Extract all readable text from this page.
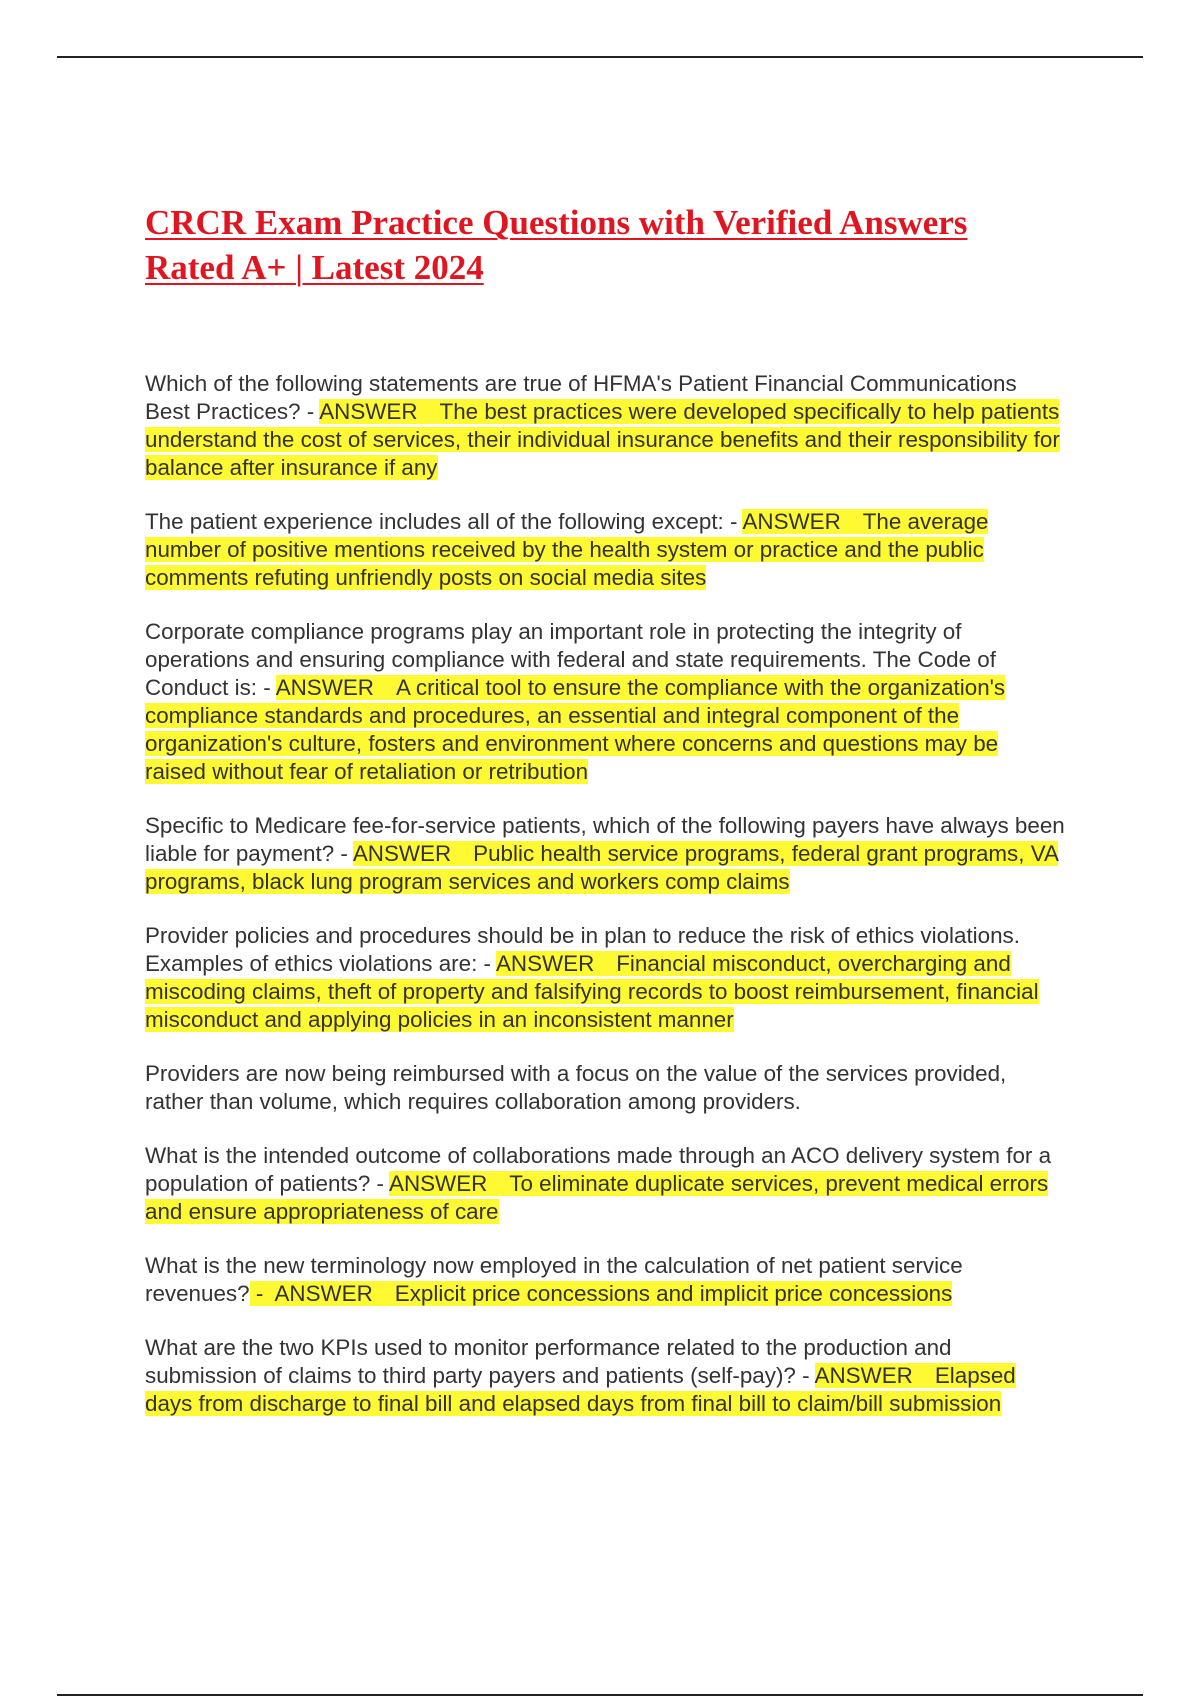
CRCR Exam Practice Questions with Verified Answers Rated A+ | Latest 2024
Which of the following statements are true of HFMA's Patient Financial Communications Best Practices? - ANSWER The best practices were developed specifically to help patients understand the cost of services, their individual insurance benefits and their responsibility for balance after insurance if any
The patient experience includes all of the following except: - ANSWER The average number of positive mentions received by the health system or practice and the public comments refuting unfriendly posts on social media sites
Corporate compliance programs play an important role in protecting the integrity of operations and ensuring compliance with federal and state requirements. The Code of Conduct is: - ANSWER A critical tool to ensure the compliance with the organization's compliance standards and procedures, an essential and integral component of the organization's culture, fosters and environment where concerns and questions may be raised without fear of retaliation or retribution
Specific to Medicare fee-for-service patients, which of the following payers have always been liable for payment? - ANSWER Public health service programs, federal grant programs, VA programs, black lung program services and workers comp claims
Provider policies and procedures should be in plan to reduce the risk of ethics violations. Examples of ethics violations are: - ANSWER Financial misconduct, overcharging and miscoding claims, theft of property and falsifying records to boost reimbursement, financial misconduct and applying policies in an inconsistent manner
Providers are now being reimbursed with a focus on the value of the services provided, rather than volume, which requires collaboration among providers.
What is the intended outcome of collaborations made through an ACO delivery system for a population of patients? - ANSWER To eliminate duplicate services, prevent medical errors and ensure appropriateness of care
What is the new terminology now employed in the calculation of net patient service revenues? - ANSWER Explicit price concessions and implicit price concessions
What are the two KPIs used to monitor performance related to the production and submission of claims to third party payers and patients (self-pay)? - ANSWER Elapsed days from discharge to final bill and elapsed days from final bill to claim/bill submission
